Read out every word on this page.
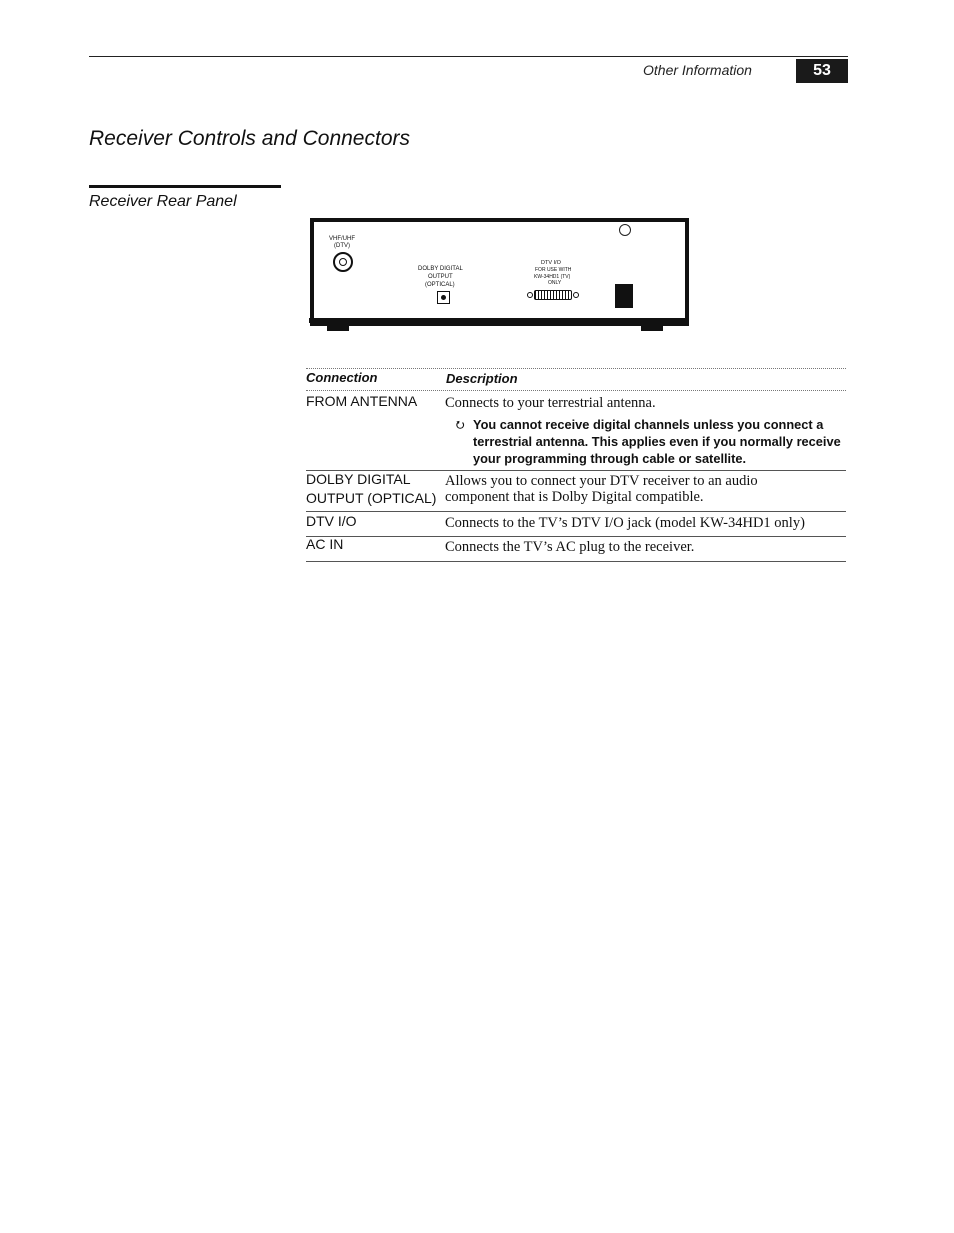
Other Information	53
Receiver Controls and Connectors
Receiver Rear Panel
VHF/UHF
(DTV)
DOLBY DIGITAL
OUTPUT
(OPTICAL)
DTV I/O
FOR USE WITH
KW-34HD1 (TV)
ONLY
Connection	Description
FROM ANTENNA Connects to your terrestrial antenna.
⭮ You cannot receive digital channels unless you connect a
terrestrial antenna. This applies even if you normally receive
your programming through cable or satellite.
DOLBY DIGITAL
OUTPUT (OPTICAL)
Allows you to connect your DTV receiver to an audio
component that is Dolby Digital compatible.
DTV I/O	Connects to the TV’s DTV I/O jack (model KW-34HD1 only)
AC IN	Connects the TV’s AC plug to the receiver.
